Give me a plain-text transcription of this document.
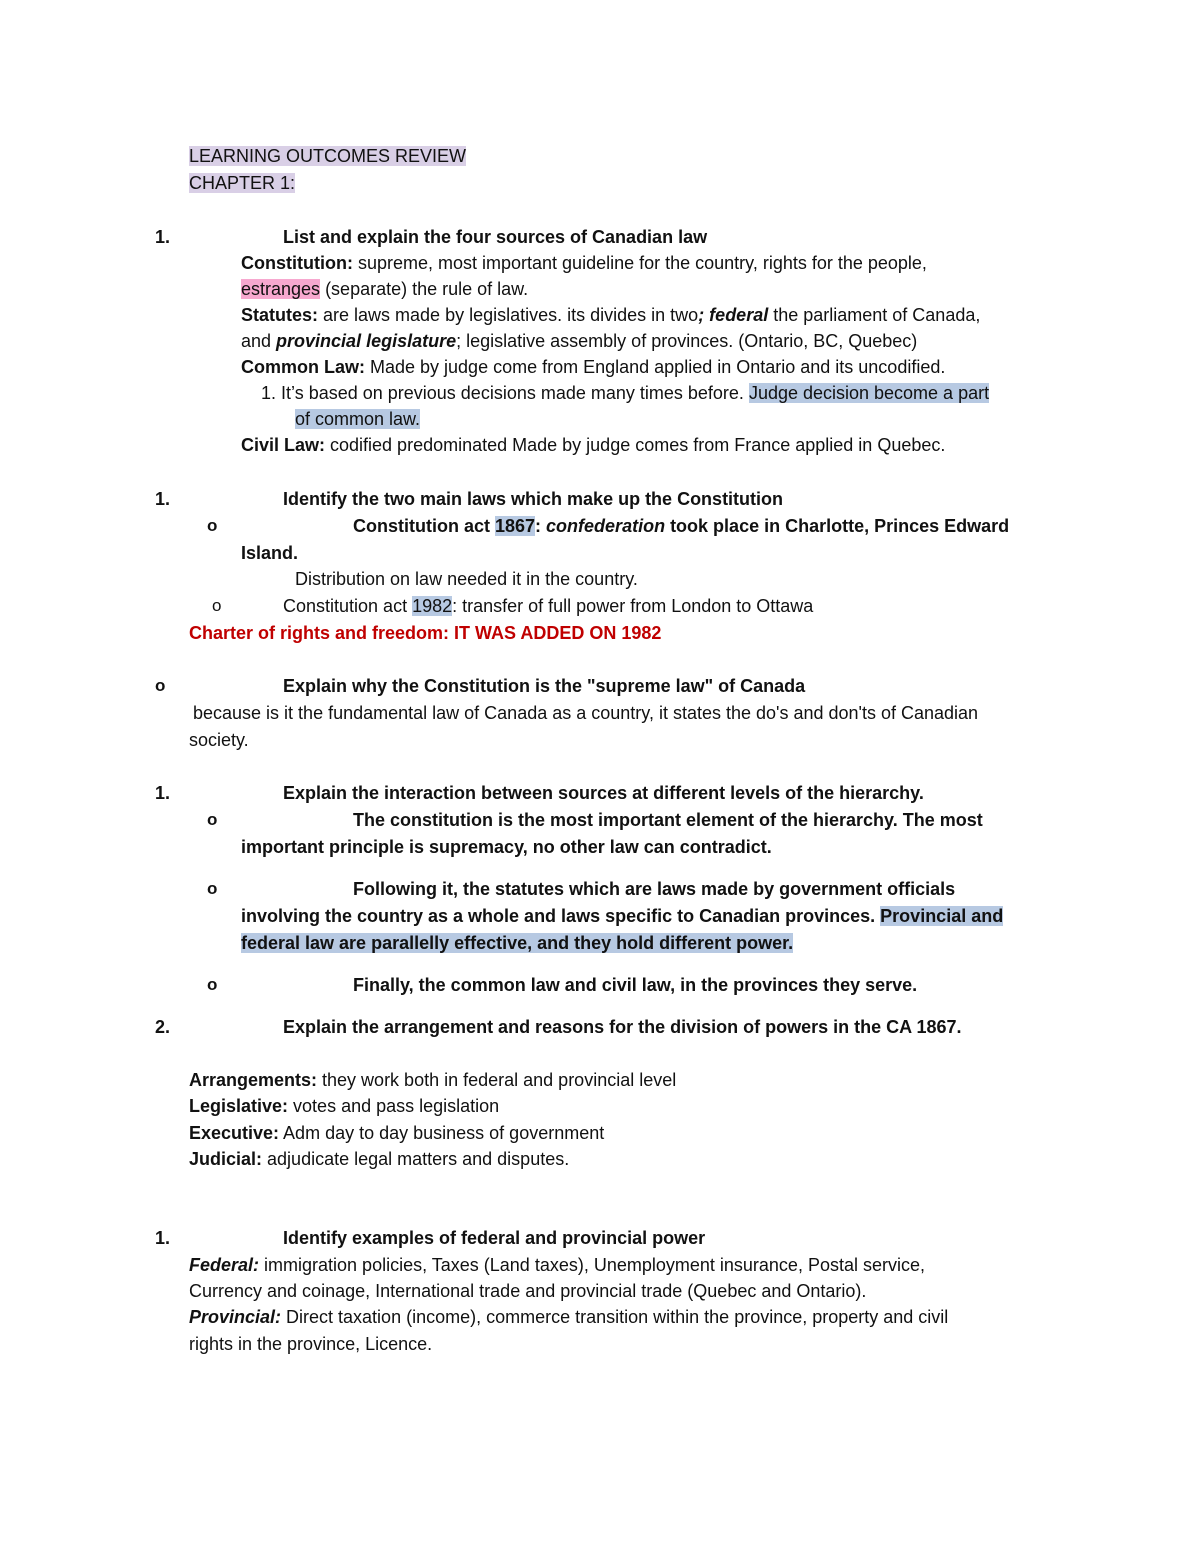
LEARNING OUTCOMES REVIEW
CHAPTER 1:
1.	List and explain the four sources of Canadian law
Constitution: supreme, most important guideline for the country, rights for the people,
estranges (separate) the rule of law.
Statutes: are laws made by legislatives. its divides in two; federal the parliament of Canada,
and provincial legislature; legislative assembly of provinces. (Ontario, BC, Quebec)
Common Law: Made by judge come from England applied in Ontario and its uncodified.
1. It’s based on previous decisions made many times before. Judge decision become a part
of common law.
Civil Law: codified predominated Made by judge comes from France applied in Quebec.
1.	Identify the two main laws which make up the Constitution
o	Constitution act 1867: confederation took place in Charlotte, Princes Edward
Island.
Distribution on law needed it in the country.
o	Constitution act 1982: transfer of full power from London to Ottawa
Charter of rights and freedom: IT WAS ADDED ON 1982
o	Explain why the Constitution is the "supreme law" of Canada
because is it the fundamental law of Canada as a country, it states the do's and don'ts of Canadian
society.
1.	Explain the interaction between sources at different levels of the hierarchy.
o	The constitution is the most important element of the hierarchy. The most
important principle is supremacy, no other law can contradict.
o	Following it, the statutes which are laws made by government officials
involving the country as a whole and laws specific to Canadian provinces. Provincial and
federal law are parallelly effective, and they hold different power.
o	Finally, the common law and civil law, in the provinces they serve.
2.	Explain the arrangement and reasons for the division of powers in the CA 1867.
Arrangements: they work both in federal and provincial level
Legislative: votes and pass legislation
Executive: Adm day to day business of government
Judicial: adjudicate legal matters and disputes.
1.	Identify examples of federal and provincial power
Federal: immigration policies, Taxes (Land taxes), Unemployment insurance, Postal service,
Currency and coinage, International trade and provincial trade (Quebec and Ontario).
Provincial: Direct taxation (income), commerce transition within the province, property and civil
rights in the province, Licence.
